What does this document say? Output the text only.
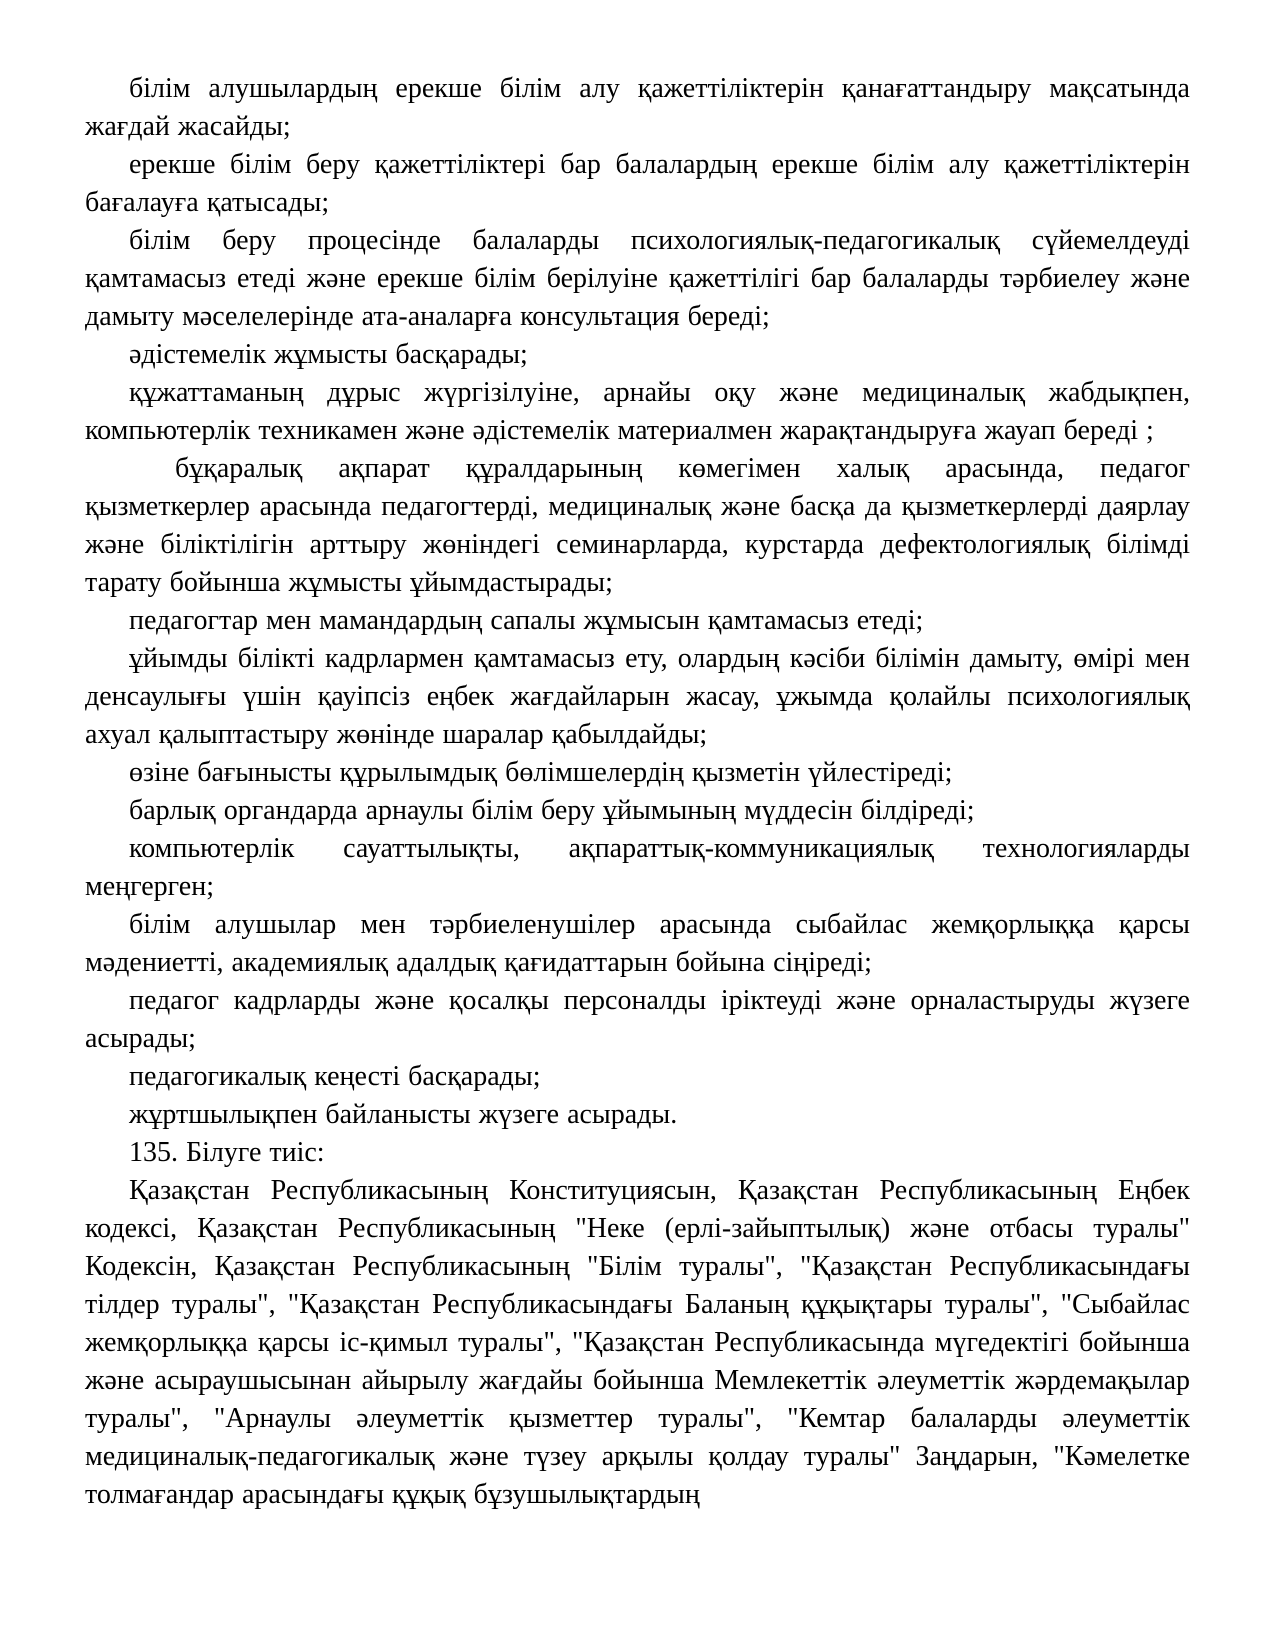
білім алушылардың ерекше білім алу қажеттіліктерін қанағаттандыру мақсатында жағдай жасайды;

ерекше білім беру қажеттіліктері бар балалардың ерекше білім алу қажеттіліктерін бағалауға қатысады;

білім беру процесінде балаларды психологиялық-педагогикалық сүйемелдеуді қамтамасыз етеді және ерекше білім берілуіне қажеттілігі бар балаларды тәрбиелеу және дамыту мәселелерінде ата-аналарға консультация береді;

әдістемелік жұмысты басқарады;

құжаттаманың дұрыс жүргізілуіне, арнайы оқу және медициналық жабдықпен, компьютерлік техникамен және әдістемелік материалмен жарақтандыруға жауап береді ;

бұқаралық ақпарат құралдарының көмегімен халық арасында, педагог қызметкерлер арасында педагогтерді, медициналық және басқа да қызметкерлерді даярлау және біліктілігін арттыру жөніндегі семинарларда, курстарда дефектологиялық білімді тарату бойынша жұмысты ұйымдастырады;

педагогтар мен мамандардың сапалы жұмысын қамтамасыз етеді;

ұйымды білікті кадрлармен қамтамасыз ету, олардың кәсіби білімін дамыту, өмірі мен денсаулығы үшін қауіпсіз еңбек жағдайларын жасау, ұжымда қолайлы психологиялық ахуал қалыптастыру жөнінде шаралар қабылдайды;

өзіне бағынысты құрылымдық бөлімшелердің қызметін үйлестіреді;

барлық органдарда арнаулы білім беру ұйымының мүддесін білдіреді;

компьютерлік сауаттылықты, ақпараттық-коммуникациялық технологияларды меңгерген;

білім алушылар мен тәрбиеленушілер арасында сыбайлас жемқорлыққа қарсы мәдениетті, академиялық адалдық қағидаттарын бойына сіңіреді;

педагог кадрларды және қосалқы персоналды іріктеуді және орналастыруды жүзеге асырады;

педагогикалық кеңесті басқарады;

жұртшылықпен байланысты жүзеге асырады.

135. Білуге тиіс:

Қазақстан Республикасының Конституциясын, Қазақстан Республикасының Еңбек кодексі, Қазақстан Республикасының "Неке (ерлі-зайыптылық) және отбасы туралы" Кодексін, Қазақстан Республикасының "Білім туралы", "Қазақстан Республикасындағы тілдер туралы", "Қазақстан Республикасындағы Баланың құқықтары туралы", "Сыбайлас жемқорлыққа қарсы іс-қимыл туралы", "Қазақстан Республикасында мүгедектігі бойынша және асыраушысынан айырылу жағдайы бойынша Мемлекеттік әлеуметтік жәрдемақылар туралы", "Арнаулы әлеуметтік қызметтер туралы", "Кемтар балаларды әлеуметтік медициналық-педагогикалық және түзеу арқылы қолдау туралы" Заңдарын, "Кәмелетке толмағандар арасындағы құқық бұзушылықтардың
